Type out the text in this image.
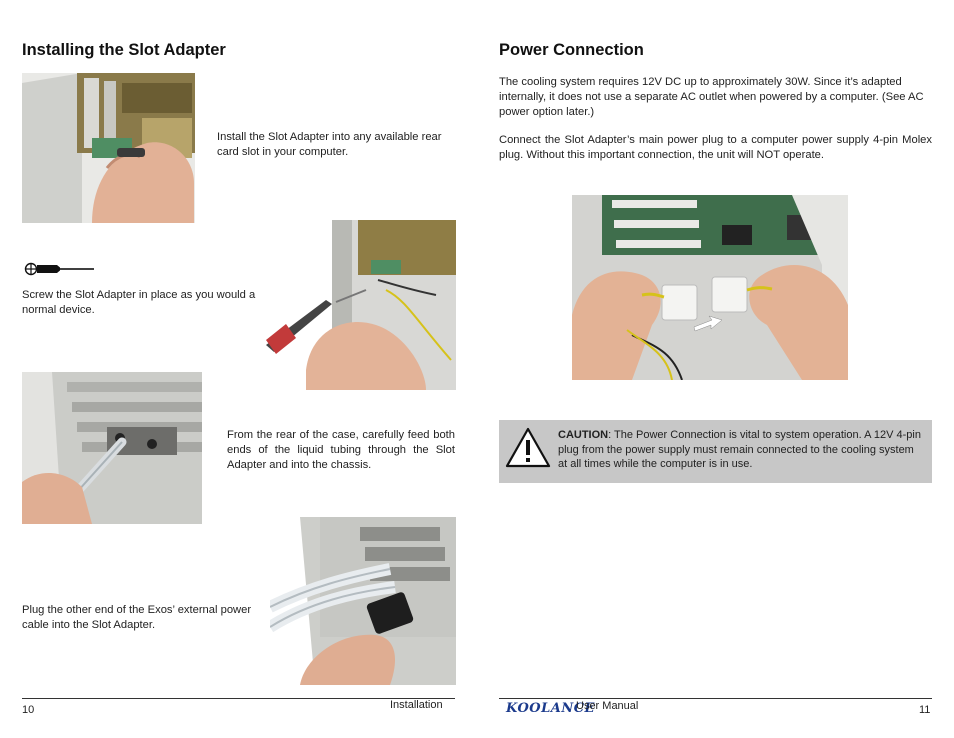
Installing the Slot Adapter
Install the Slot Adapter into any available rear card slot in your computer.
Screw the Slot Adapter in place as you would a normal device.
From the rear of the case, carefully feed both ends of the liquid tubing through the Slot Adapter and into the chassis.
Plug the other end of the Exos’ external power cable into the Slot Adapter.
10	Installation
Power Connection
The cooling system requires 12V DC up to approximately 30W. Since it’s adapted internally, it does not use a separate AC outlet when powered by a computer. (See AC power option later.)
Connect the Slot Adapter’s main power plug to a computer power supply 4-pin Molex plug. Without this important connection, the unit will NOT operate.
CAUTION: The Power Connection is vital to system operation. A 12V 4-pin plug from the power supply must remain connected to the cooling system at all times while the computer is in use.
KOOLANCE
User Manual	11
